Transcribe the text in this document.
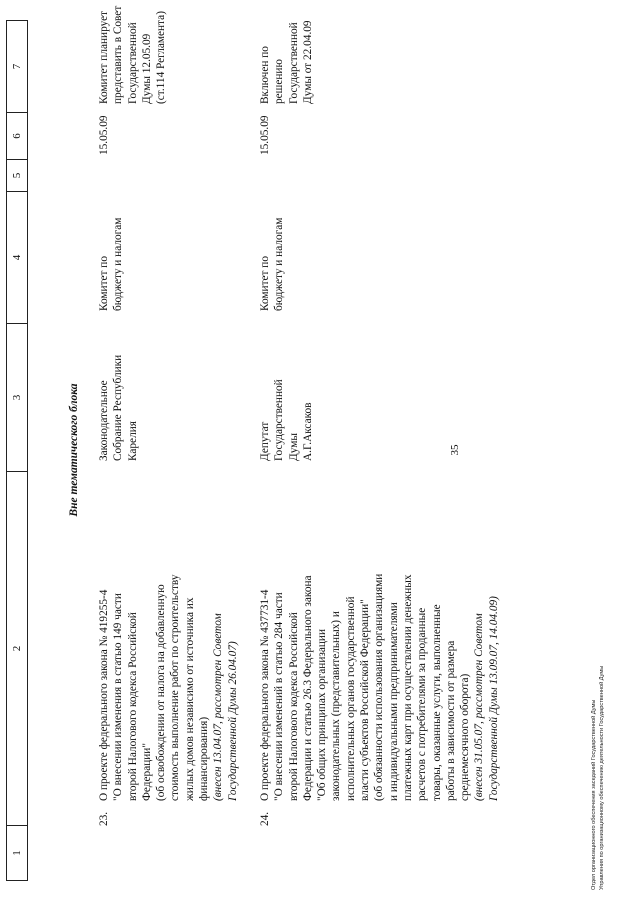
35
1
2
3
4
5
6
7
Вне тематического блока
23.
О проекте федерального закона № 419255-4 "О внесении изменения в статью 149 части второй Налогового кодекса Российской Федерации" (об освобождении от налога на добавленную стоимость выполнение работ по строительству жилых домов независимо от источника их финансирования) (внесен 13.04.07, рассмотрен Советом Государственной Думы 26.04.07)
Законодательное Собрание Республики Карелия
Комитет по бюджету и налогам
15.05.09
Комитет планирует представить в Совет Государственной Думы 12.05.09 (ст.114 Регламента)
24.
О проекте федерального закона № 437731-4 "О внесении изменений в статью 284 части второй Налогового кодекса Российской Федерации и статью 26.3 Федерального закона "Об общих принципах организации законодательных (представительных) и исполнительных органов государственной власти субъектов Российской Федерации" (об обязанности использования организациями и индивидуальными предпринимателями платежных карт при осуществлении денежных расчетов с потребителями за проданные товары, оказанные услуги, выполненные работы в зависимости от размера среднемесячного оборота) (внесен 31.05.07, рассмотрен Советом Государственной Думы 13.09.07, 14.04.09)
Депутат Государственной Думы А.Г.Аксаков
Комитет по бюджету и налогам
15.05.09
Включен по решению Государственной Думы от 22.04.09
Отдел организационного обеспечения заседаний Государственной Думы Управления по организационному обеспечению деятельности Государственной Думы
